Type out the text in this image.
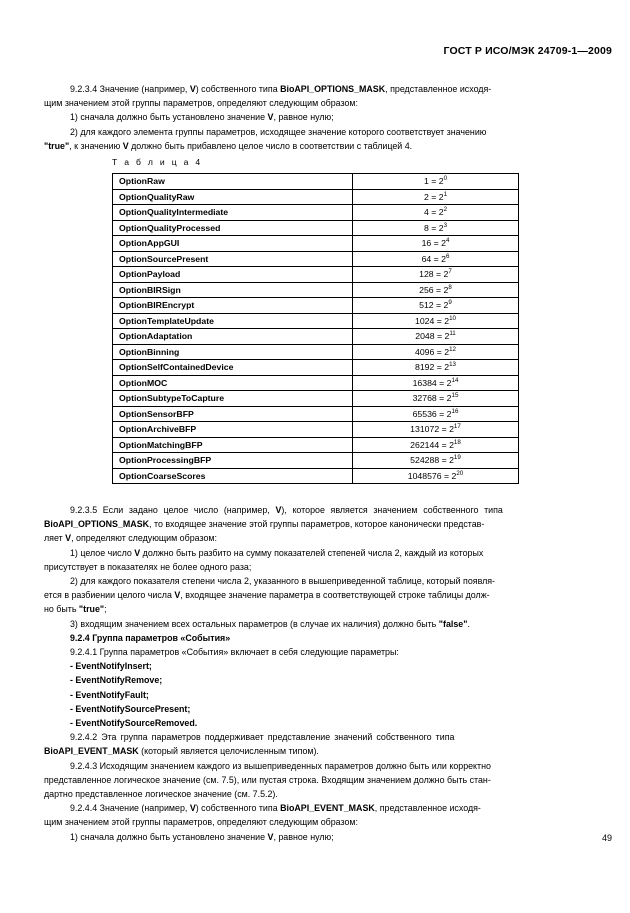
ГОСТ Р ИСО/МЭК 24709-1—2009

9.2.3.4 Значение (например, V) собственного типа BioAPI_OPTIONS_MASK, представленное исходя-

щим значением этой группы параметров, определяют следующим образом:

1) сначала должно быть установлено значение V, равное нулю;

2) для каждого элемента группы параметров, исходящее значение которого соответствует значению

"true", к значению V должно быть прибавлено целое число в соответствии с таблицей 4.

Т а б л и ц а 4
OptionRaw	$1 = 2^0$
OptionQualityRaw	$2 = 2^1$
OptionQualityIntermediate	$4 = 2^2$
OptionQualityProcessed	$8 = 2^3$
OptionAppGUI	$16 = 2^4$
OptionSourcePresent	$64 = 2^6$
OptionPayload	$128 = 2^7$
OptionBIRSign	$256 = 2^8$
OptionBIREncrypt	$512 = 2^9$
OptionTemplateUpdate	$1024 = 2^{10}$
OptionAdaptation	$2048 = 2^{11}$
OptionBinning	$4096 = 2^{12}$
OptionSelfContainedDevice	$8192 = 2^{13}$
OptionMOC	$16384 = 2^{14}$
OptionSubtypeToCapture	$32768 = 2^{15}$
OptionSensorBFP	$65536 = 2^{16}$
OptionArchiveBFP	$131072 = 2^{17}$
OptionMatchingBFP	$262144 = 2^{18}$
OptionProcessingBFP	$524288 = 2^{19}$
OptionCoarseScores	$1048576 = 2^{20}$

9.2.3.5 Если задано целое число (например, V), которое является значением собственного типа

BioAPI_OPTIONS_MASK, то входящее значение этой группы параметров, которое канонически представ-

ляет V, определяют следующим образом:

1) целое число V должно быть разбито на сумму показателей степеней числа 2, каждый из которых

присутствует в показателях не более одного раза;

2) для каждого показателя степени числа 2, указанного в вышеприведенной таблице, который появля-

ется в разбиении целого числа V, входящее значение параметра в соответствующей строке таблицы долж-

но быть "true";

3) входящим значением всех остальных параметров (в случае их наличия) должно быть "false".

9.2.4 Группа параметров «События»

9.2.4.1 Группа параметров «События» включает в себя следующие параметры:

- EventNotifyInsert;
- EventNotifyRemove;
- EventNotifyFault;
- EventNotifySourcePresent;
- EventNotifySourceRemoved.

9.2.4.2 Эта группа параметров поддерживает представление значений собственного типа

BioAPI_EVENT_MASK (который является целочисленным типом).

9.2.4.3 Исходящим значением каждого из вышеприведенных параметров должно быть или корректно

представленное логическое значение (см. 7.5), или пустая строка. Входящим значением должно быть стан-

дартно представленное логическое значение (см. 7.5.2).

9.2.4.4 Значение (например, V) собственного типа BioAPI_EVENT_MASK, представленное исходя-

щим значением этой группы параметров, определяют следующим образом:

1) сначала должно быть установлено значение V, равное нулю;	49
